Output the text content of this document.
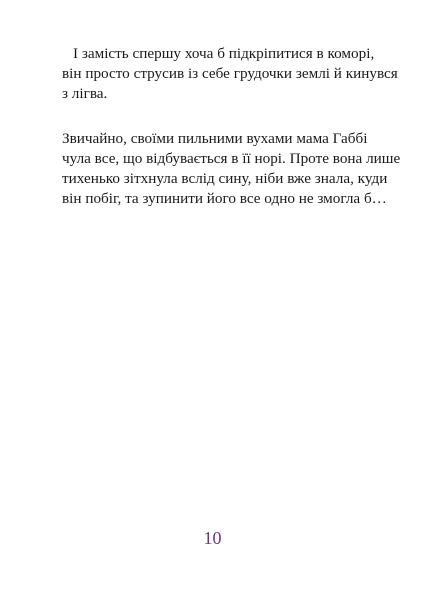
І замість спершу хоча б підкріпитися в коморі,
він просто струсив із себе грудочки землі й кинувся
з лігва.
Звичайно, своїми пильними вухами мама Габбі
чула все, що відбувається в її норі. Проте вона лише
тихенько зітхнула вслід сину, ніби вже знала, куди
він побіг, та зупинити його все одно не змогла б…
10
